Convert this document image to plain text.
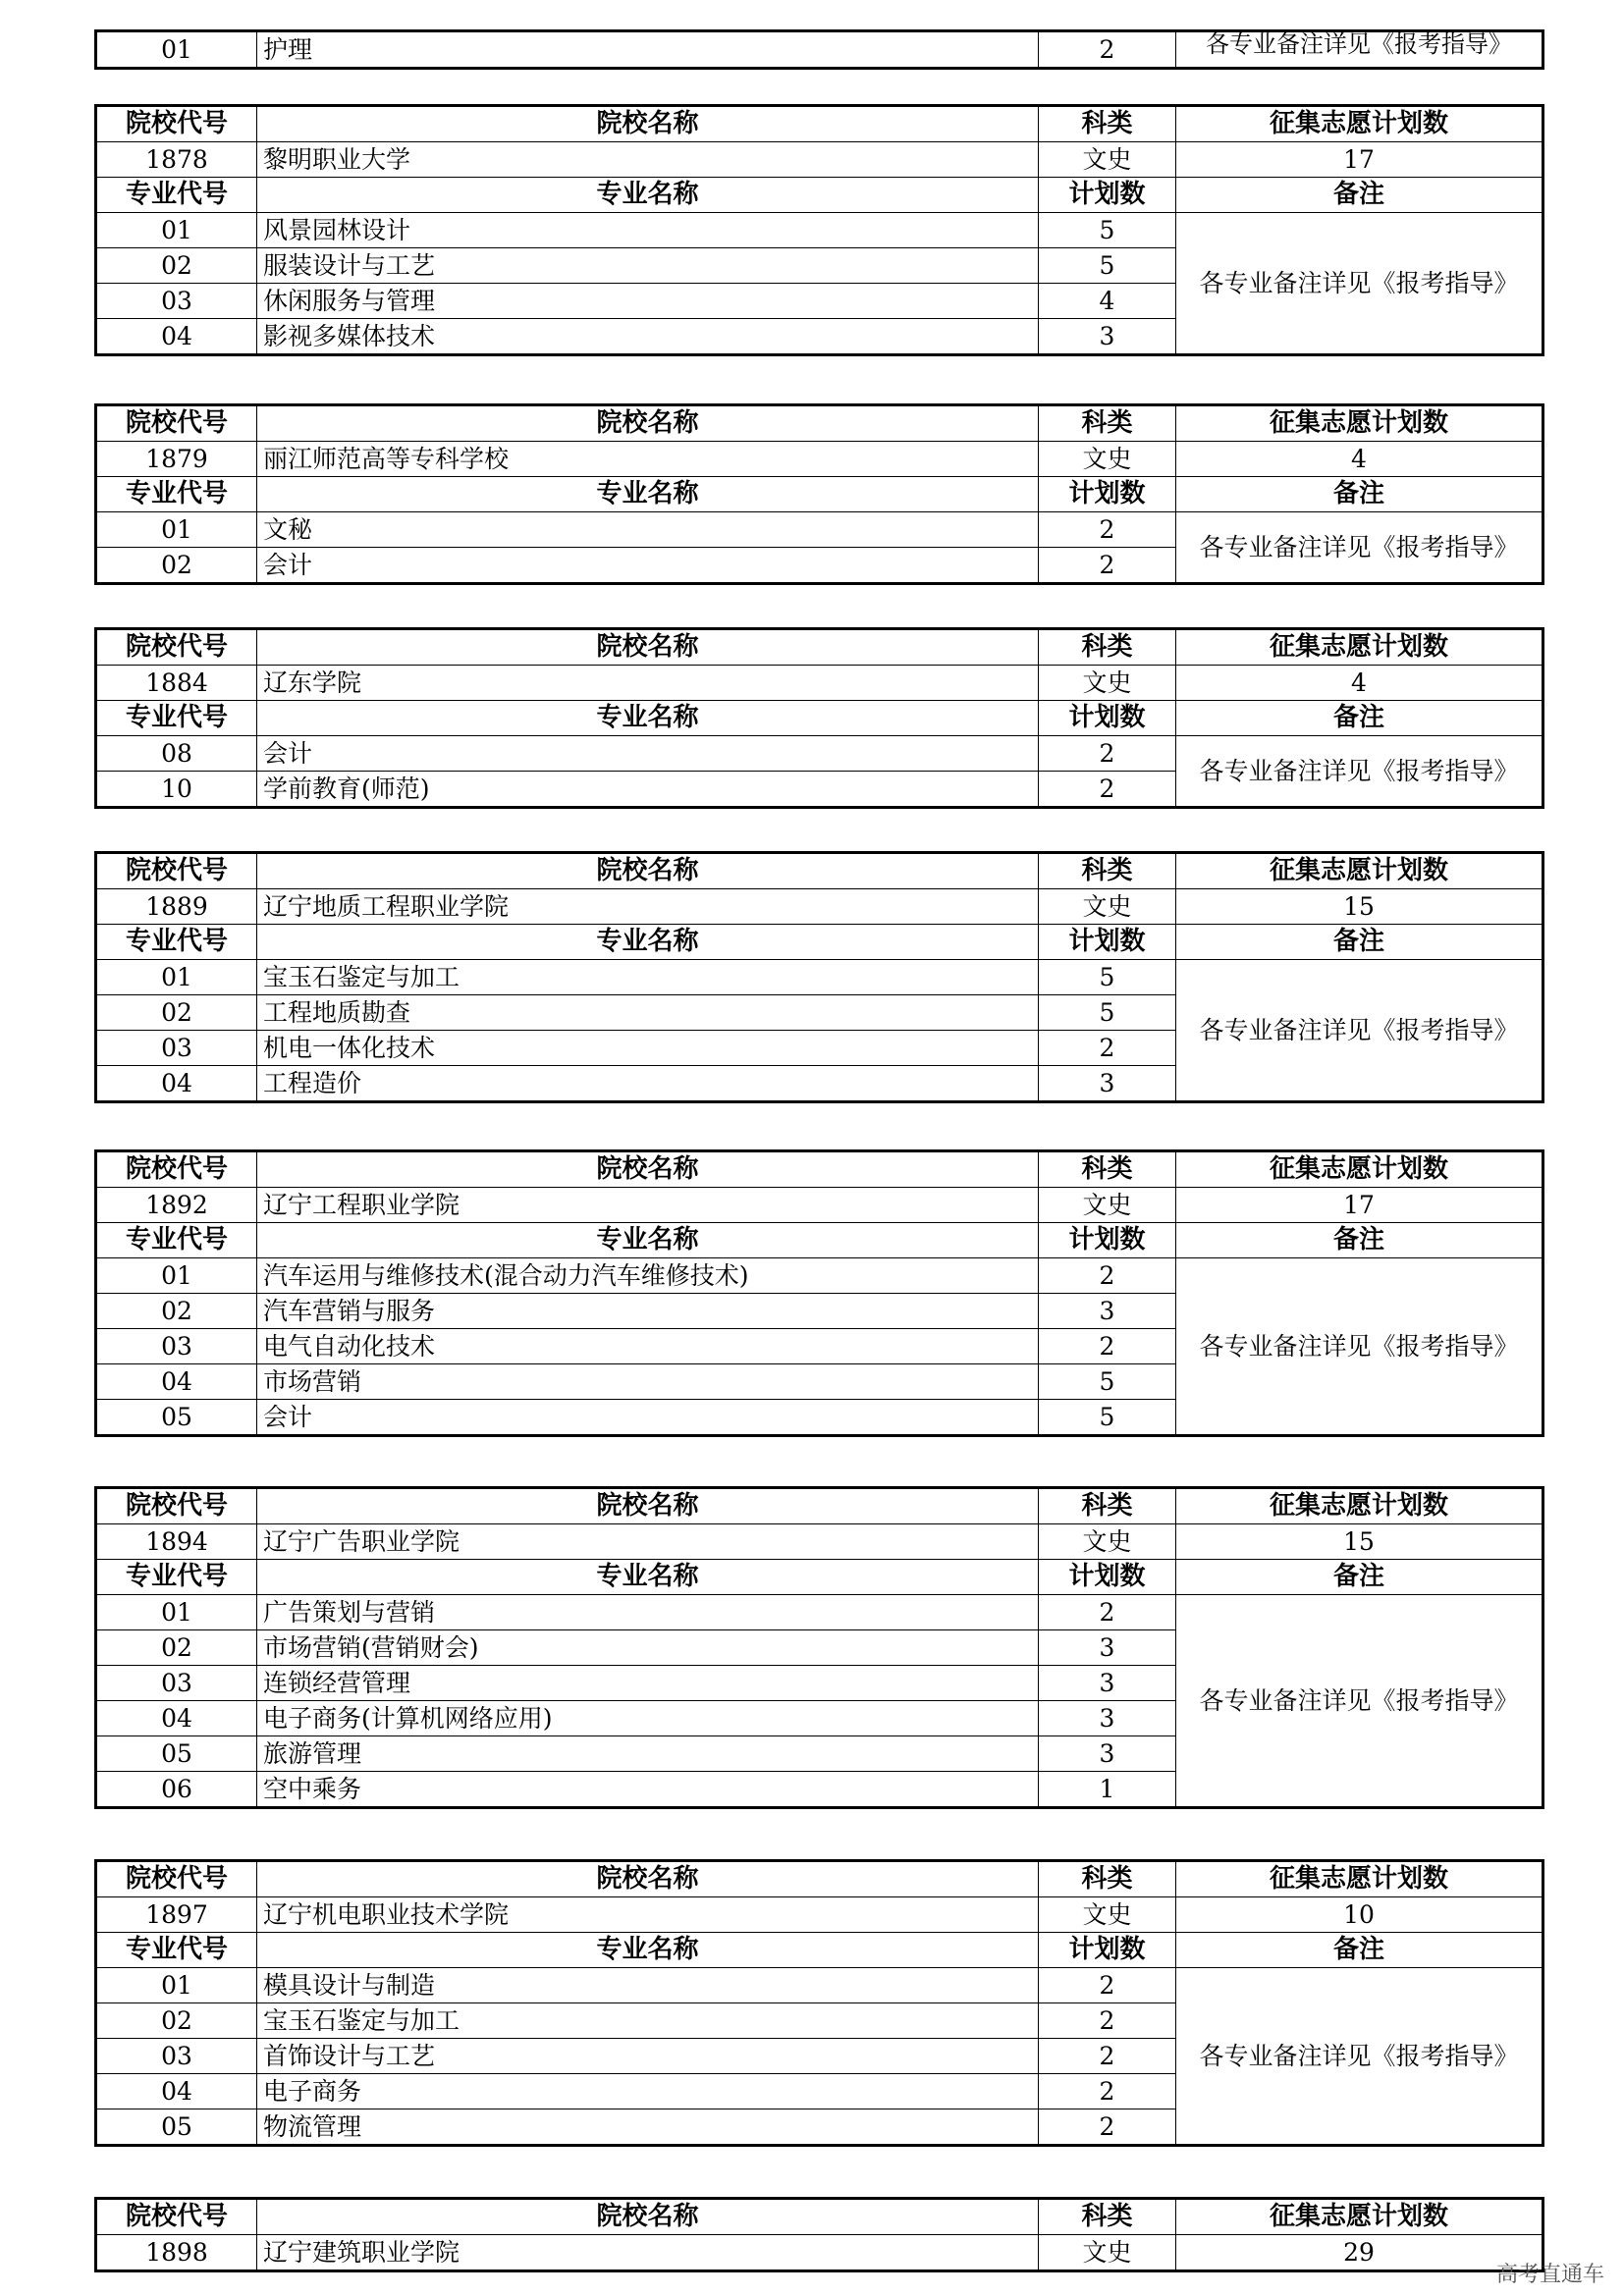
01	护理	2	各专业备注详见《报考指导》
院校代号	院校名称	科类	征集志愿计划数
1878	黎明职业大学	文史	17
专业代号	专业名称	计划数	备注
01	风景园林设计	5	各专业备注详见《报考指导》
02	服装设计与工艺	5	
03	休闲服务与管理	4	
04	影视多媒体技术	3	
院校代号	院校名称	科类	征集志愿计划数
1879	丽江师范高等专科学校	文史	4
专业代号	专业名称	计划数	备注
01	文秘	2	各专业备注详见《报考指导》
02	会计	2	
院校代号	院校名称	科类	征集志愿计划数
1884	辽东学院	文史	4
专业代号	专业名称	计划数	备注
08	会计	2	各专业备注详见《报考指导》
10	学前教育(师范)	2	
院校代号	院校名称	科类	征集志愿计划数
1889	辽宁地质工程职业学院	文史	15
专业代号	专业名称	计划数	备注
01	宝玉石鉴定与加工	5	各专业备注详见《报考指导》
02	工程地质勘查	5	
03	机电一体化技术	2	
04	工程造价	3	
院校代号	院校名称	科类	征集志愿计划数
1892	辽宁工程职业学院	文史	17
专业代号	专业名称	计划数	备注
01	汽车运用与维修技术(混合动力汽车维修技术)	2	各专业备注详见《报考指导》
02	汽车营销与服务	3	
03	电气自动化技术	2	
04	市场营销	5	
05	会计	5	
院校代号	院校名称	科类	征集志愿计划数
1894	辽宁广告职业学院	文史	15
专业代号	专业名称	计划数	备注
01	广告策划与营销	2	各专业备注详见《报考指导》
02	市场营销(营销财会)	3	
03	连锁经营管理	3	
04	电子商务(计算机网络应用)	3	
05	旅游管理	3	
06	空中乘务	1	
院校代号	院校名称	科类	征集志愿计划数
1897	辽宁机电职业技术学院	文史	10
专业代号	专业名称	计划数	备注
01	模具设计与制造	2	各专业备注详见《报考指导》
02	宝玉石鉴定与加工	2	
03	首饰设计与工艺	2	
04	电子商务	2	
05	物流管理	2	
院校代号	院校名称	科类	征集志愿计划数
1898	辽宁建筑职业学院	文史	29
高考直通车
